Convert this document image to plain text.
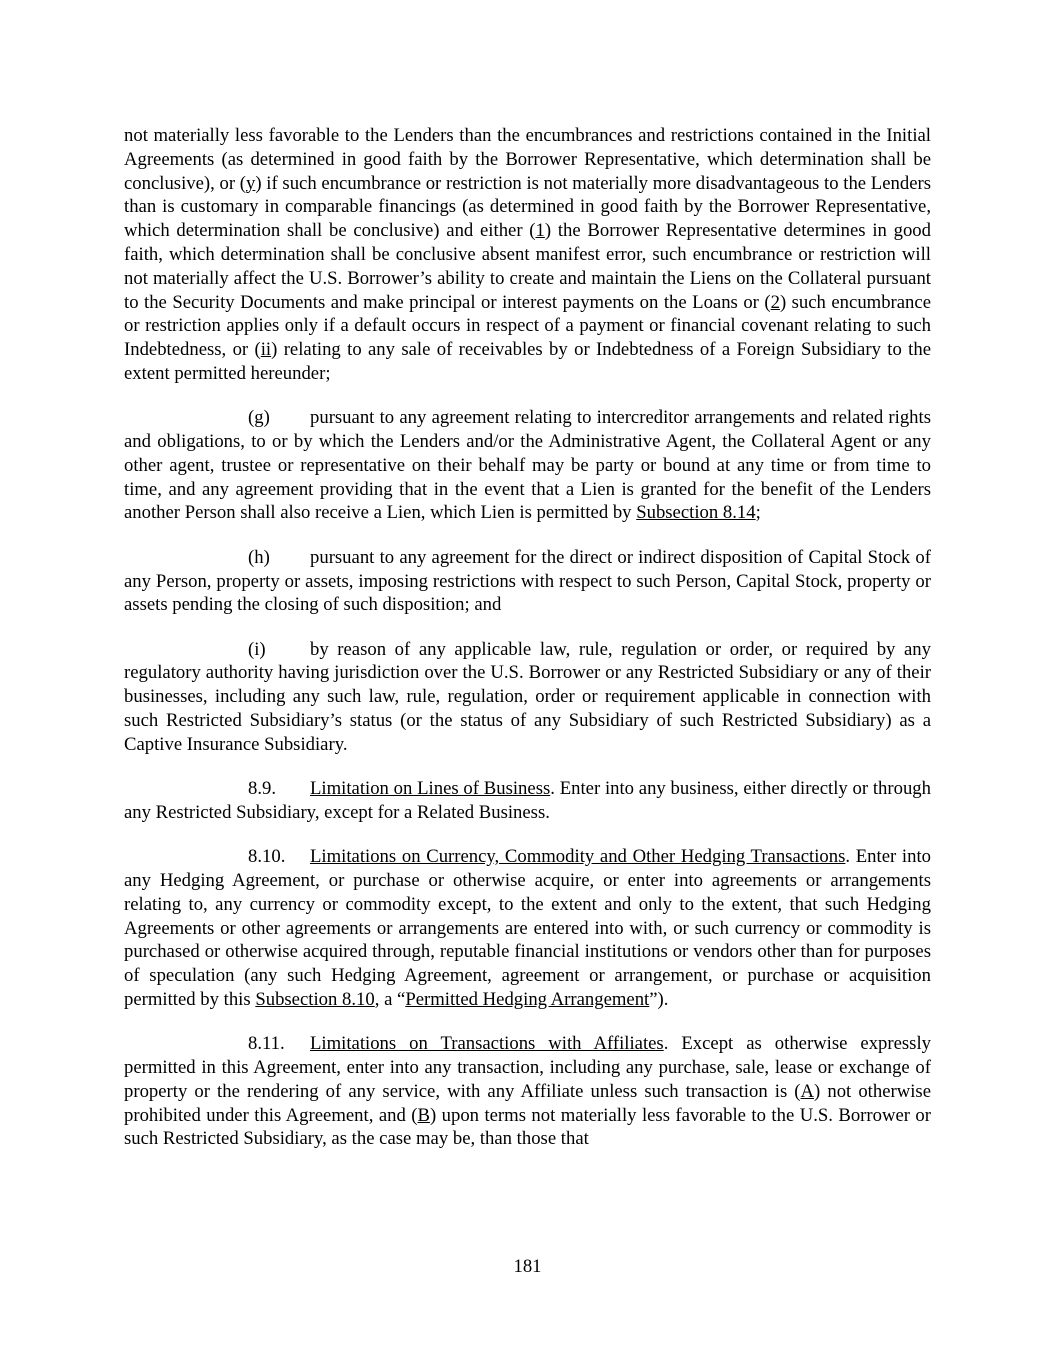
not materially less favorable to the Lenders than the encumbrances and restrictions contained in the Initial Agreements (as determined in good faith by the Borrower Representative, which determination shall be conclusive), or (y) if such encumbrance or restriction is not materially more disadvantageous to the Lenders than is customary in comparable financings (as determined in good faith by the Borrower Representative, which determination shall be conclusive) and either (1) the Borrower Representative determines in good faith, which determination shall be conclusive absent manifest error, such encumbrance or restriction will not materially affect the U.S. Borrower’s ability to create and maintain the Liens on the Collateral pursuant to the Security Documents and make principal or interest payments on the Loans or (2) such encumbrance or restriction applies only if a default occurs in respect of a payment or financial covenant relating to such Indebtedness, or (ii) relating to any sale of receivables by or Indebtedness of a Foreign Subsidiary to the extent permitted hereunder;

(g) pursuant to any agreement relating to intercreditor arrangements and related rights and obligations, to or by which the Lenders and/or the Administrative Agent, the Collateral Agent or any other agent, trustee or representative on their behalf may be party or bound at any time or from time to time, and any agreement providing that in the event that a Lien is granted for the benefit of the Lenders another Person shall also receive a Lien, which Lien is permitted by Subsection 8.14;

(h) pursuant to any agreement for the direct or indirect disposition of Capital Stock of any Person, property or assets, imposing restrictions with respect to such Person, Capital Stock, property or assets pending the closing of such disposition; and

(i) by reason of any applicable law, rule, regulation or order, or required by any regulatory authority having jurisdiction over the U.S. Borrower or any Restricted Subsidiary or any of their businesses, including any such law, rule, regulation, order or requirement applicable in connection with such Restricted Subsidiary’s status (or the status of any Subsidiary of such Restricted Subsidiary) as a Captive Insurance Subsidiary.

8.9. Limitation on Lines of Business. Enter into any business, either directly or through any Restricted Subsidiary, except for a Related Business.

8.10. Limitations on Currency, Commodity and Other Hedging Transactions. Enter into any Hedging Agreement, or purchase or otherwise acquire, or enter into agreements or arrangements relating to, any currency or commodity except, to the extent and only to the extent, that such Hedging Agreements or other agreements or arrangements are entered into with, or such currency or commodity is purchased or otherwise acquired through, reputable financial institutions or vendors other than for purposes of speculation (any such Hedging Agreement, agreement or arrangement, or purchase or acquisition permitted by this Subsection 8.10, a “Permitted Hedging Arrangement”).

8.11. Limitations on Transactions with Affiliates. Except as otherwise expressly permitted in this Agreement, enter into any transaction, including any purchase, sale, lease or exchange of property or the rendering of any service, with any Affiliate unless such transaction is (A) not otherwise prohibited under this Agreement, and (B) upon terms not materially less favorable to the U.S. Borrower or such Restricted Subsidiary, as the case may be, than those that

181
